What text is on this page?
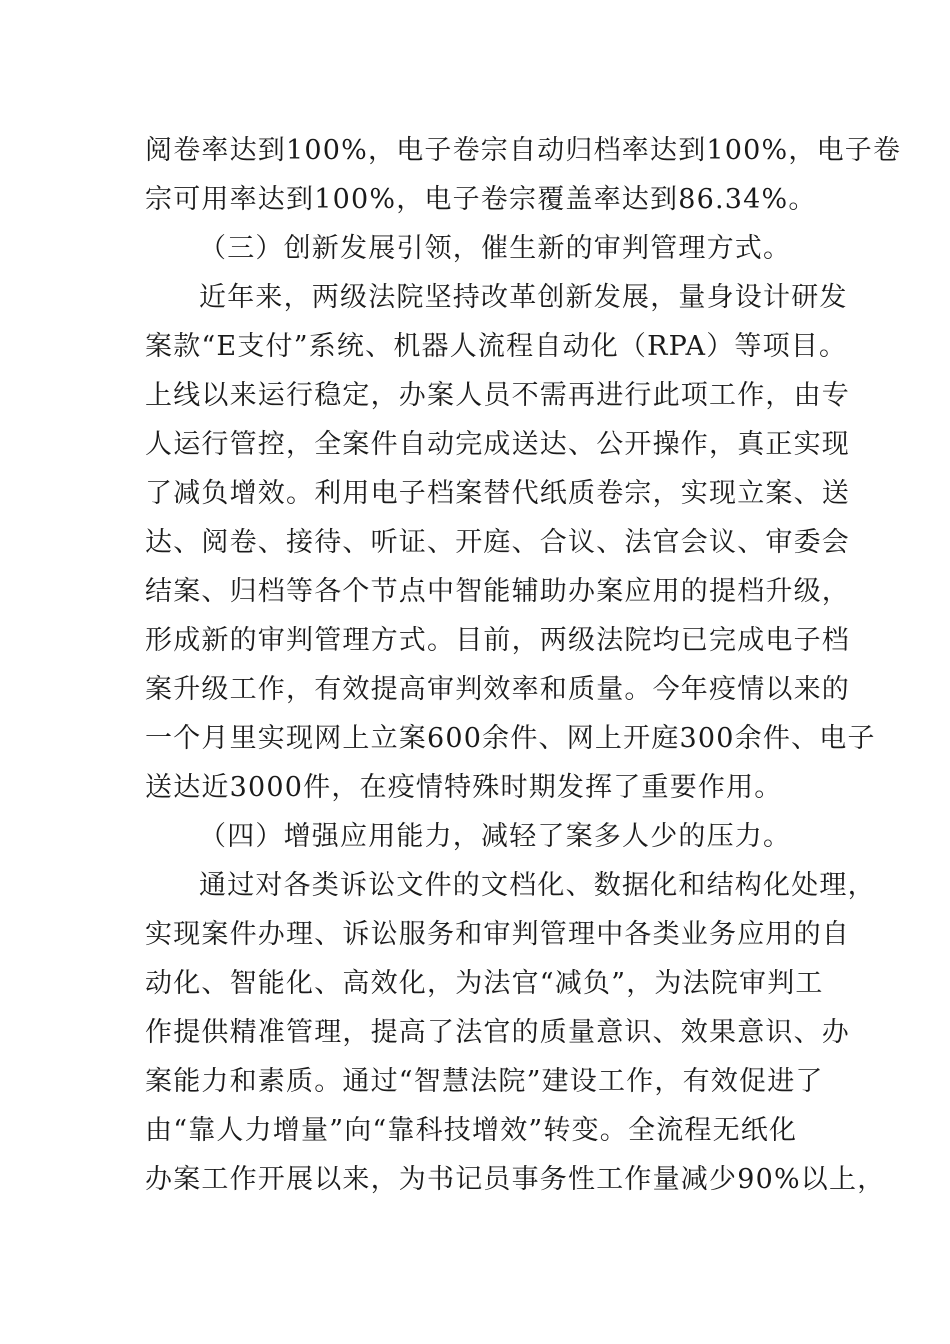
阅卷率达到100%，电子卷宗自动归档率达到100%，电子卷
宗可用率达到100%，电子卷宗覆盖率达到86.34%。
（三）创新发展引领，催生新的审判管理方式。
近年来，两级法院坚持改革创新发展，量身设计研发
案款“E支付”系统、机器人流程自动化（RPA）等项目。
上线以来运行稳定，办案人员不需再进行此项工作，由专
人运行管控，全案件自动完成送达、公开操作，真正实现
了减负增效。利用电子档案替代纸质卷宗，实现立案、送
达、阅卷、接待、听证、开庭、合议、法官会议、审委会
结案、归档等各个节点中智能辅助办案应用的提档升级，
形成新的审判管理方式。目前，两级法院均已完成电子档
案升级工作，有效提高审判效率和质量。今年疫情以来的
一个月里实现网上立案600余件、网上开庭300余件、电子
送达近3000件，在疫情特殊时期发挥了重要作用。
（四）增强应用能力，减轻了案多人少的压力。
通过对各类诉讼文件的文档化、数据化和结构化处理，
实现案件办理、诉讼服务和审判管理中各类业务应用的自
动化、智能化、高效化，为法官“减负”，为法院审判工
作提供精准管理，提高了法官的质量意识、效果意识、办
案能力和素质。通过“智慧法院”建设工作，有效促进了
由“靠人力增量”向“靠科技增效”转变。全流程无纸化
办案工作开展以来，为书记员事务性工作量减少90%以上，
